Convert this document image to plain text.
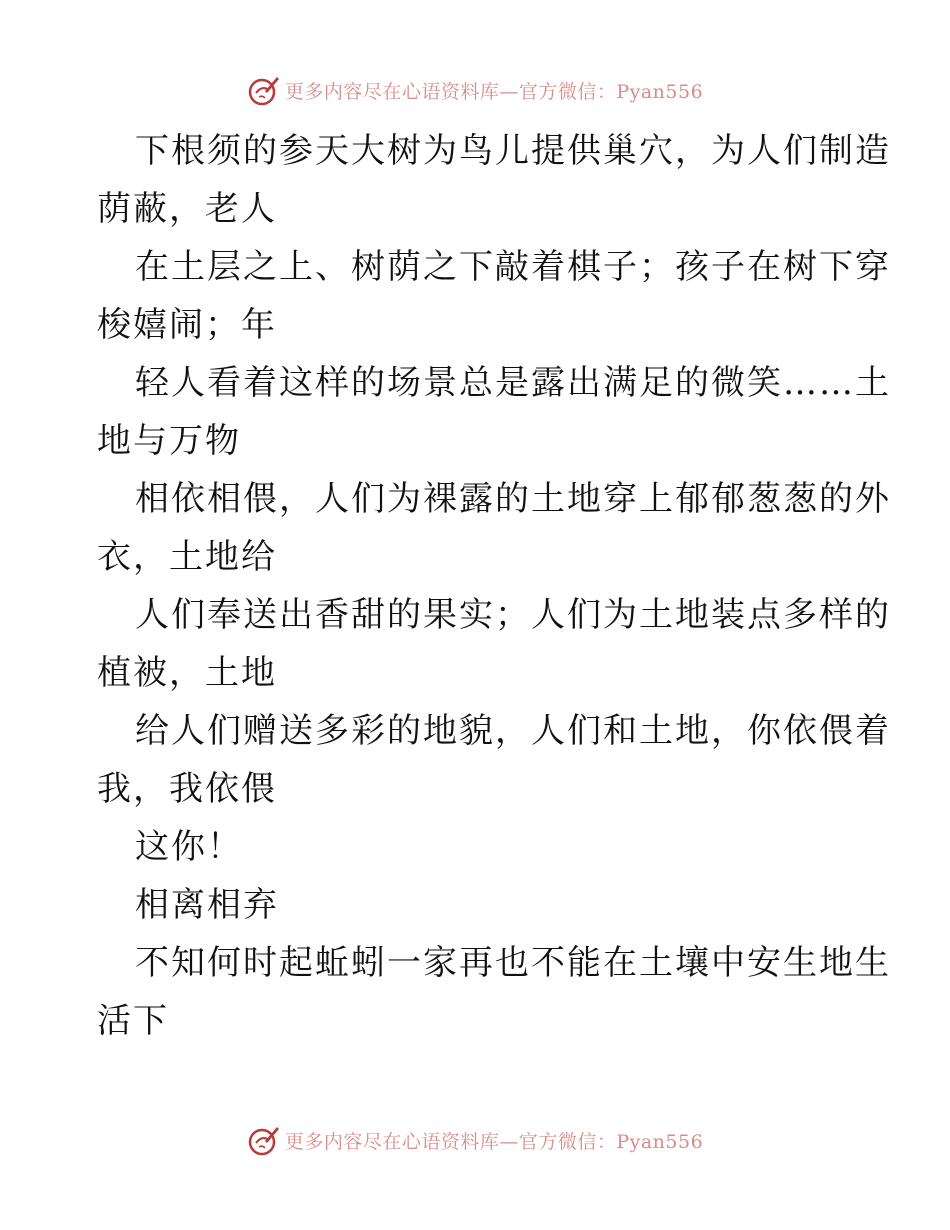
更多内容尽在心语资料库—官方微信：Pyan556
下根须的参天大树为鸟儿提供巢穴，为人们制造
荫蔽，老人
在土层之上、树荫之下敲着棋子；孩子在树下穿
梭嬉闹；年
轻人看着这样的场景总是露出满足的微笑……土
地与万物
相依相偎，人们为裸露的土地穿上郁郁葱葱的外
衣，土地给
人们奉送出香甜的果实；人们为土地装点多样的
植被，土地
给人们赠送多彩的地貌，人们和土地，你依偎着
我，我依偎
这你！
相离相弃
不知何时起蚯蚓一家再也不能在土壤中安生地生
活下
更多内容尽在心语资料库—官方微信：Pyan556
